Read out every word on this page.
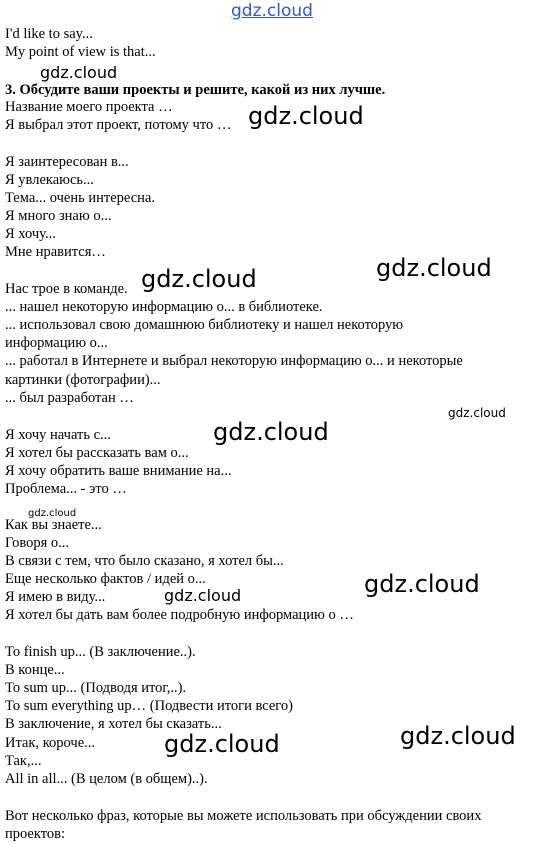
gdz.cloud
I'd like to say...
My point of view is that...
3. Обсудите ваши проекты и решите, какой из них лучше.
Название моего проекта …
Я выбрал этот проект, потому что …
Я заинтересован в...
Я увлекаюсь...
Тема... очень интересна.
Я много знаю о...
Я хочу...
Мне нравится…
Нас трое в команде.
... нашел некоторую информацию о... в библиотеке.
... использовал свою домашнюю библиотеку и нашел некоторую
информацию о...
... работал в Интернете и выбрал некоторую информацию о... и некоторые
картинки (фотографии)...
... был разработан …
Я хочу начать с...
Я хотел бы рассказать вам о...
Я хочу обратить ваше внимание на...
Проблема... - это …
Как вы знаете...
Говоря о...
В связи с тем, что было сказано, я хотел бы...
Еще несколько фактов / идей о...
Я имею в виду...
Я хотел бы дать вам более подробную информацию о …
To finish up... (В заключение..).
В конце...
To sum up... (Подводя итог,..).
To sum everything up… (Подвести итоги всего)
В заключение, я хотел бы сказать...
Итак, короче...
Так,...
All in all... (В целом (в общем)..).
Вот несколько фраз, которые вы можете использовать при обсуждении своих
проектов:
gdz.cloud
gdz.cloud
gdz.cloud	gdz.cloud
gdz.cloud
gdz.cloud
gdz.cloud
gdz.cloud
gdz.cloud
gdz.cloud
gdz.cloud
